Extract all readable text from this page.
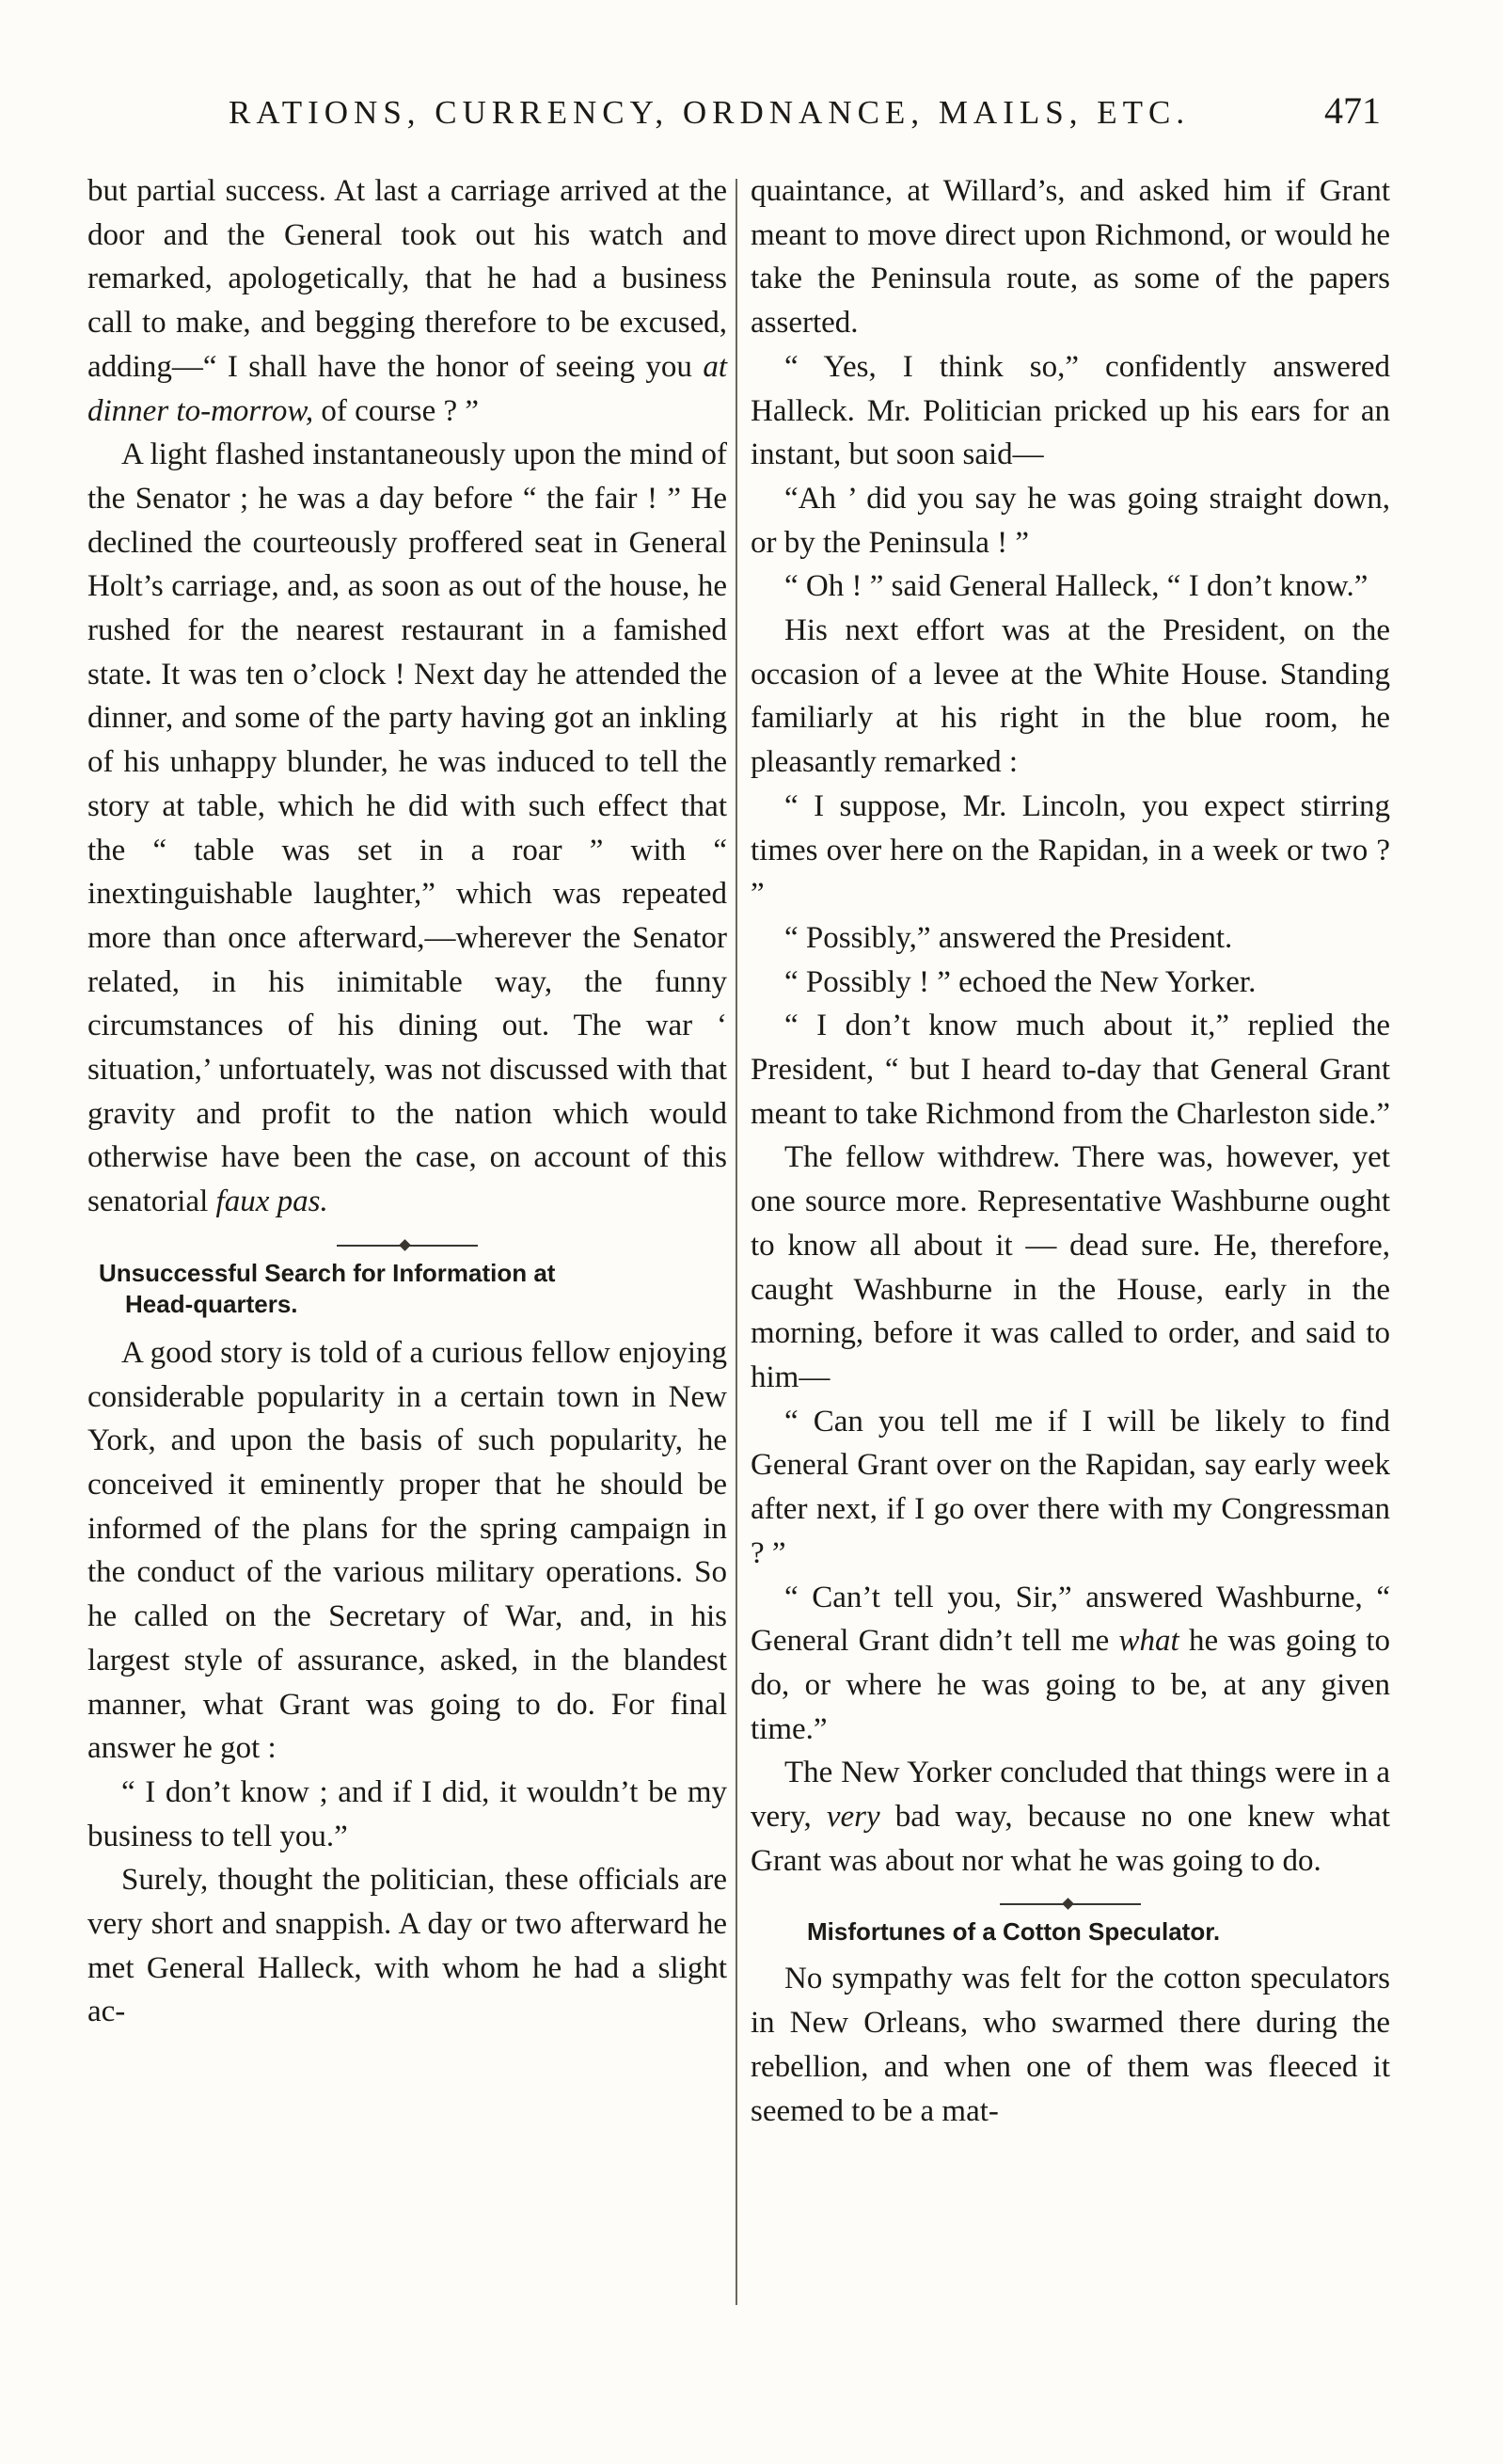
RATIONS, CURRENCY, ORDNANCE, MAILS, ETC.	471

but partial success. At last a carriage arrived at the door and the General took out his watch and remarked, apologetically, that he had a business call to make, and begging therefore to be excused, adding—“ I shall have the honor of seeing you at dinner to-morrow, of course ? ”

A light flashed instantaneously upon the mind of the Senator ; he was a day before “ the fair ! ” He declined the courteously proffered seat in General Holt’s carriage, and, as soon as out of the house, he rushed for the nearest restaurant in a famished state. It was ten o’clock ! Next day he attended the dinner, and some of the party having got an inkling of his unhappy blunder, he was induced to tell the story at table, which he did with such effect that the “ table was set in a roar ” with “ inextinguishable laughter,” which was repeated more than once afterward,—wherever the Senator related, in his inimitable way, the funny circumstances of his dining out. The war ‘ situation,’ unfortuately, was not discussed with that gravity and profit to the nation which would otherwise have been the case, on account of this senatorial faux pas.

Unsuccessful Search for Information at
Head-quarters.

A good story is told of a curious fellow enjoying considerable popularity in a certain town in New York, and upon the basis of such popularity, he conceived it eminently proper that he should be informed of the plans for the spring campaign in the conduct of the various military operations. So he called on the Secretary of War, and, in his largest style of assurance, asked, in the blandest manner, what Grant was going to do. For final answer he got :

“ I don’t know ; and if I did, it wouldn’t be my business to tell you.”

Surely, thought the politician, these officials are very short and snappish. A day or two afterward he met General Halleck, with whom he had a slight ac-

quaintance, at Willard’s, and asked him if Grant meant to move direct upon Richmond, or would he take the Peninsula route, as some of the papers asserted.

“ Yes, I think so,” confidently answered Halleck. Mr. Politician pricked up his ears for an instant, but soon said—

“Ah ’ did you say he was going straight down, or by the Peninsula ! ”

“ Oh ! ” said General Halleck, “ I don’t know.”

His next effort was at the President, on the occasion of a levee at the White House. Standing familiarly at his right in the blue room, he pleasantly remarked :

“ I suppose, Mr. Lincoln, you expect stirring times over here on the Rapidan, in a week or two ? ”

“ Possibly,” answered the President.

“ Possibly ! ” echoed the New Yorker.

“ I don’t know much about it,” replied the President, “ but I heard to-day that General Grant meant to take Richmond from the Charleston side.”

The fellow withdrew. There was, however, yet one source more. Representative Washburne ought to know all about it — dead sure. He, therefore, caught Washburne in the House, early in the morning, before it was called to order, and said to him—

“ Can you tell me if I will be likely to find General Grant over on the Rapidan, say early week after next, if I go over there with my Congressman ? ”

“ Can’t tell you, Sir,” answered Washburne, “ General Grant didn’t tell me what he was going to do, or where he was going to be, at any given time.”

The New Yorker concluded that things were in a very, very bad way, because no one knew what Grant was about nor what he was going to do.

Misfortunes of a Cotton Speculator.

No sympathy was felt for the cotton speculators in New Orleans, who swarmed there during the rebellion, and when one of them was fleeced it seemed to be a mat-
